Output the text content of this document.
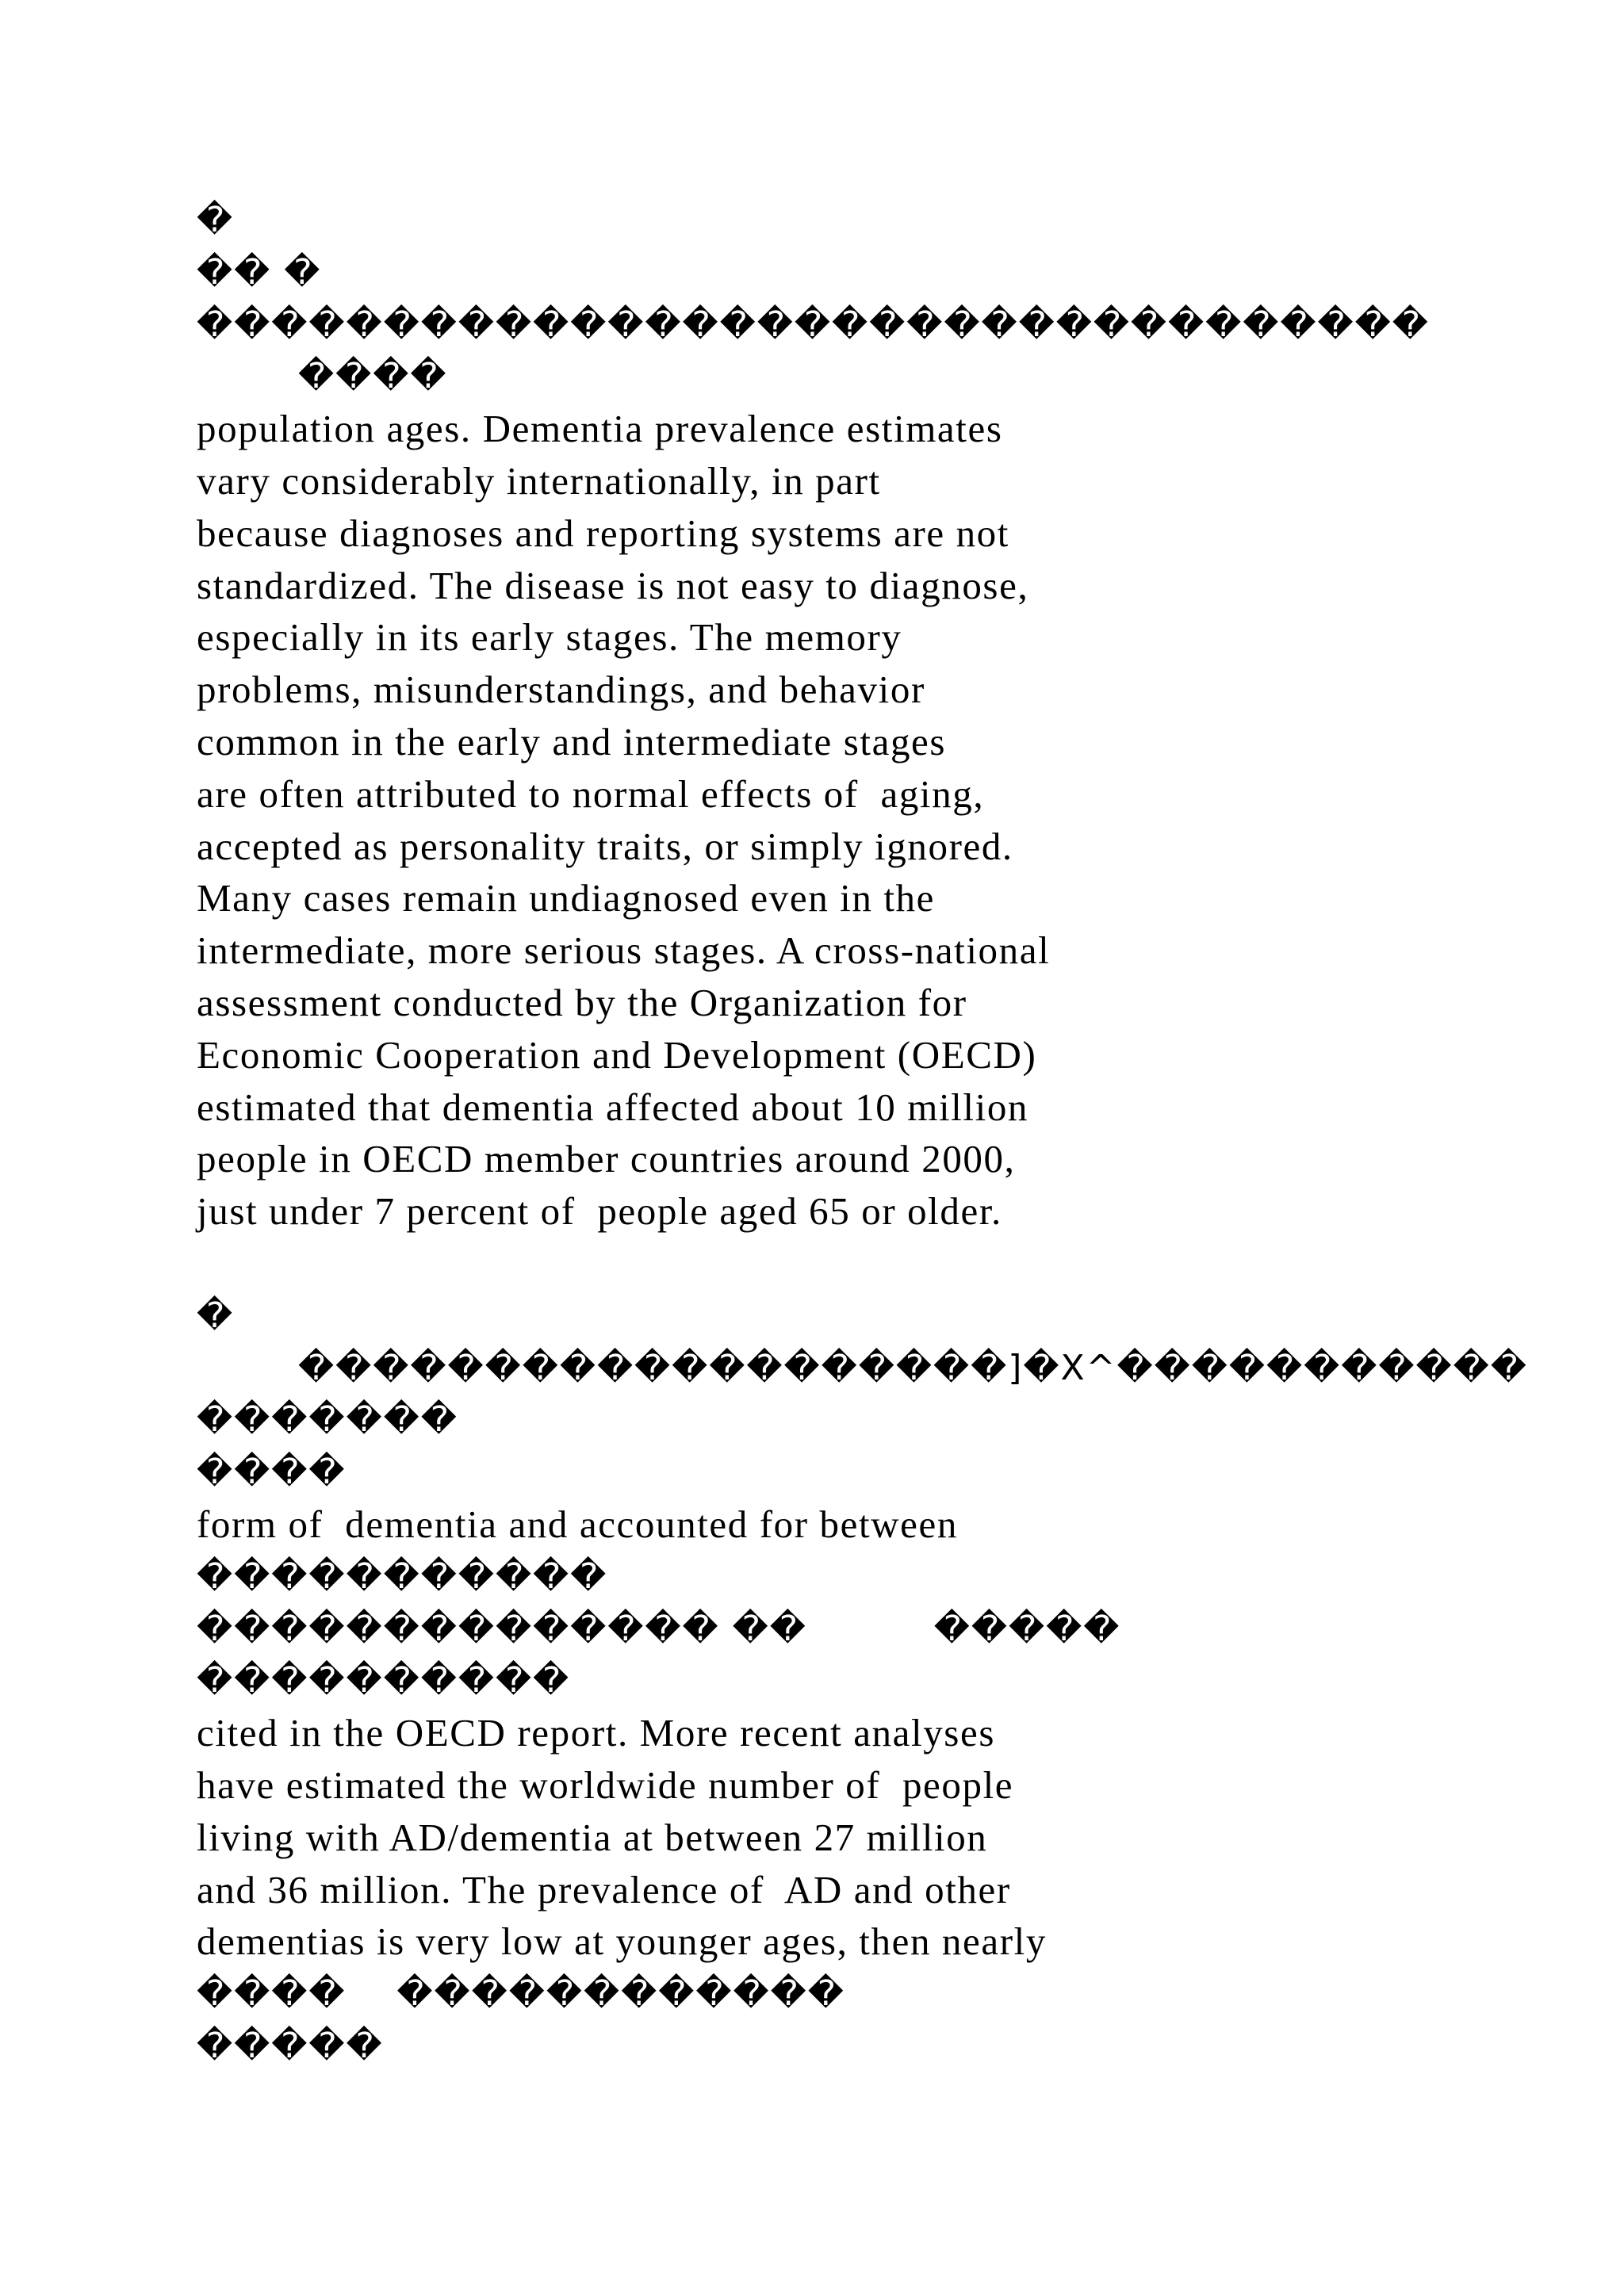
�
�� �
���������������������������������
����
population ages. Dementia prevalence estimates
vary considerably internationally, in part
because diagnoses and reporting systems are not
standardized. The disease is not easy to diagnose,
especially in its early stages. The memory
problems, misunderstandings, and behavior
common in the early and intermediate stages
are often attributed to normal effects of  aging,
accepted as personality traits, or simply ignored.
Many cases remain undiagnosed even in the
intermediate, more serious stages. A cross-national
assessment conducted by the Organization for
Economic Cooperation and Development (OECD)
estimated that dementia affected about 10 million
people in OECD member countries around 2000,
just under 7 percent of  people aged 65 or older.
�
�������������������]�X^�����������
�������
����
form of  dementia and accounted for between
�����������
�������������� ��          �����
����������
cited in the OECD report. More recent analyses
have estimated the worldwide number of  people
living with AD/dementia at between 27 million
and 36 million. The prevalence of  AD and other
dementias is very low at younger ages, then nearly
����    ������������
�����
